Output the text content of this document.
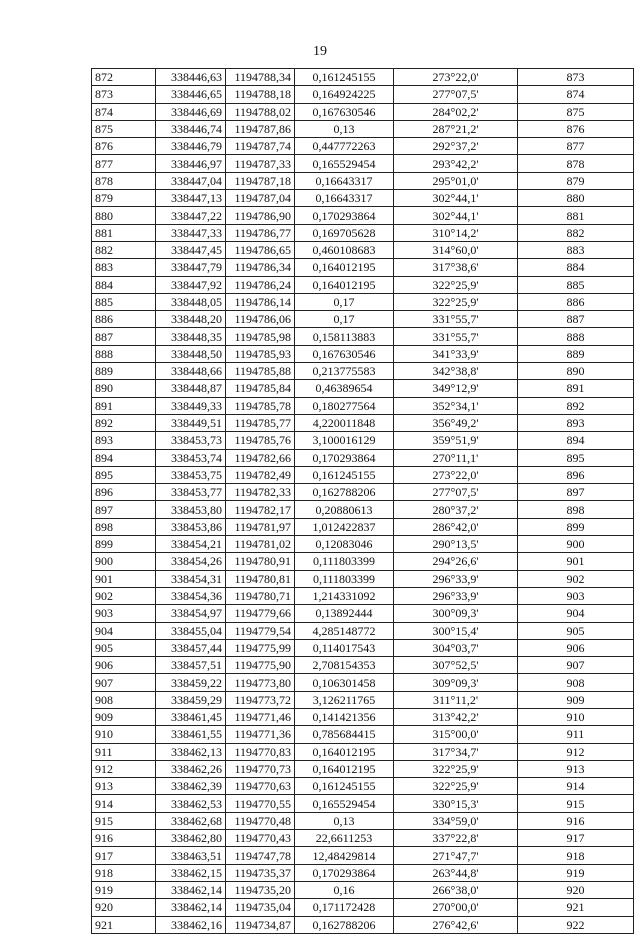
19
872	338446,63	1194788,34	0,161245155	273°22,0'	873
873	338446,65	1194788,18	0,164924225	277°07,5'	874
874	338446,69	1194788,02	0,167630546	284°02,2'	875
875	338446,74	1194787,86	0,13	287°21,2'	876
876	338446,79	1194787,74	0,447772263	292°37,2'	877
877	338446,97	1194787,33	0,165529454	293°42,2'	878
878	338447,04	1194787,18	0,16643317	295°01,0'	879
879	338447,13	1194787,04	0,16643317	302°44,1'	880
880	338447,22	1194786,90	0,170293864	302°44,1'	881
881	338447,33	1194786,77	0,169705628	310°14,2'	882
882	338447,45	1194786,65	0,460108683	314°60,0'	883
883	338447,79	1194786,34	0,164012195	317°38,6'	884
884	338447,92	1194786,24	0,164012195	322°25,9'	885
885	338448,05	1194786,14	0,17	322°25,9'	886
886	338448,20	1194786,06	0,17	331°55,7'	887
887	338448,35	1194785,98	0,158113883	331°55,7'	888
888	338448,50	1194785,93	0,167630546	341°33,9'	889
889	338448,66	1194785,88	0,213775583	342°38,8'	890
890	338448,87	1194785,84	0,46389654	349°12,9'	891
891	338449,33	1194785,78	0,180277564	352°34,1'	892
892	338449,51	1194785,77	4,220011848	356°49,2'	893
893	338453,73	1194785,76	3,100016129	359°51,9'	894
894	338453,74	1194782,66	0,170293864	270°11,1'	895
895	338453,75	1194782,49	0,161245155	273°22,0'	896
896	338453,77	1194782,33	0,162788206	277°07,5'	897
897	338453,80	1194782,17	0,20880613	280°37,2'	898
898	338453,86	1194781,97	1,012422837	286°42,0'	899
899	338454,21	1194781,02	0,12083046	290°13,5'	900
900	338454,26	1194780,91	0,111803399	294°26,6'	901
901	338454,31	1194780,81	0,111803399	296°33,9'	902
902	338454,36	1194780,71	1,214331092	296°33,9'	903
903	338454,97	1194779,66	0,13892444	300°09,3'	904
904	338455,04	1194779,54	4,285148772	300°15,4'	905
905	338457,44	1194775,99	0,114017543	304°03,7'	906
906	338457,51	1194775,90	2,708154353	307°52,5'	907
907	338459,22	1194773,80	0,106301458	309°09,3'	908
908	338459,29	1194773,72	3,126211765	311°11,2'	909
909	338461,45	1194771,46	0,141421356	313°42,2'	910
910	338461,55	1194771,36	0,785684415	315°00,0'	911
911	338462,13	1194770,83	0,164012195	317°34,7'	912
912	338462,26	1194770,73	0,164012195	322°25,9'	913
913	338462,39	1194770,63	0,161245155	322°25,9'	914
914	338462,53	1194770,55	0,165529454	330°15,3'	915
915	338462,68	1194770,48	0,13	334°59,0'	916
916	338462,80	1194770,43	22,6611253	337°22,8'	917
917	338463,51	1194747,78	12,48429814	271°47,7'	918
918	338462,15	1194735,37	0,170293864	263°44,8'	919
919	338462,14	1194735,20	0,16	266°38,0'	920
920	338462,14	1194735,04	0,171172428	270°00,0'	921
921	338462,16	1194734,87	0,162788206	276°42,6'	922
